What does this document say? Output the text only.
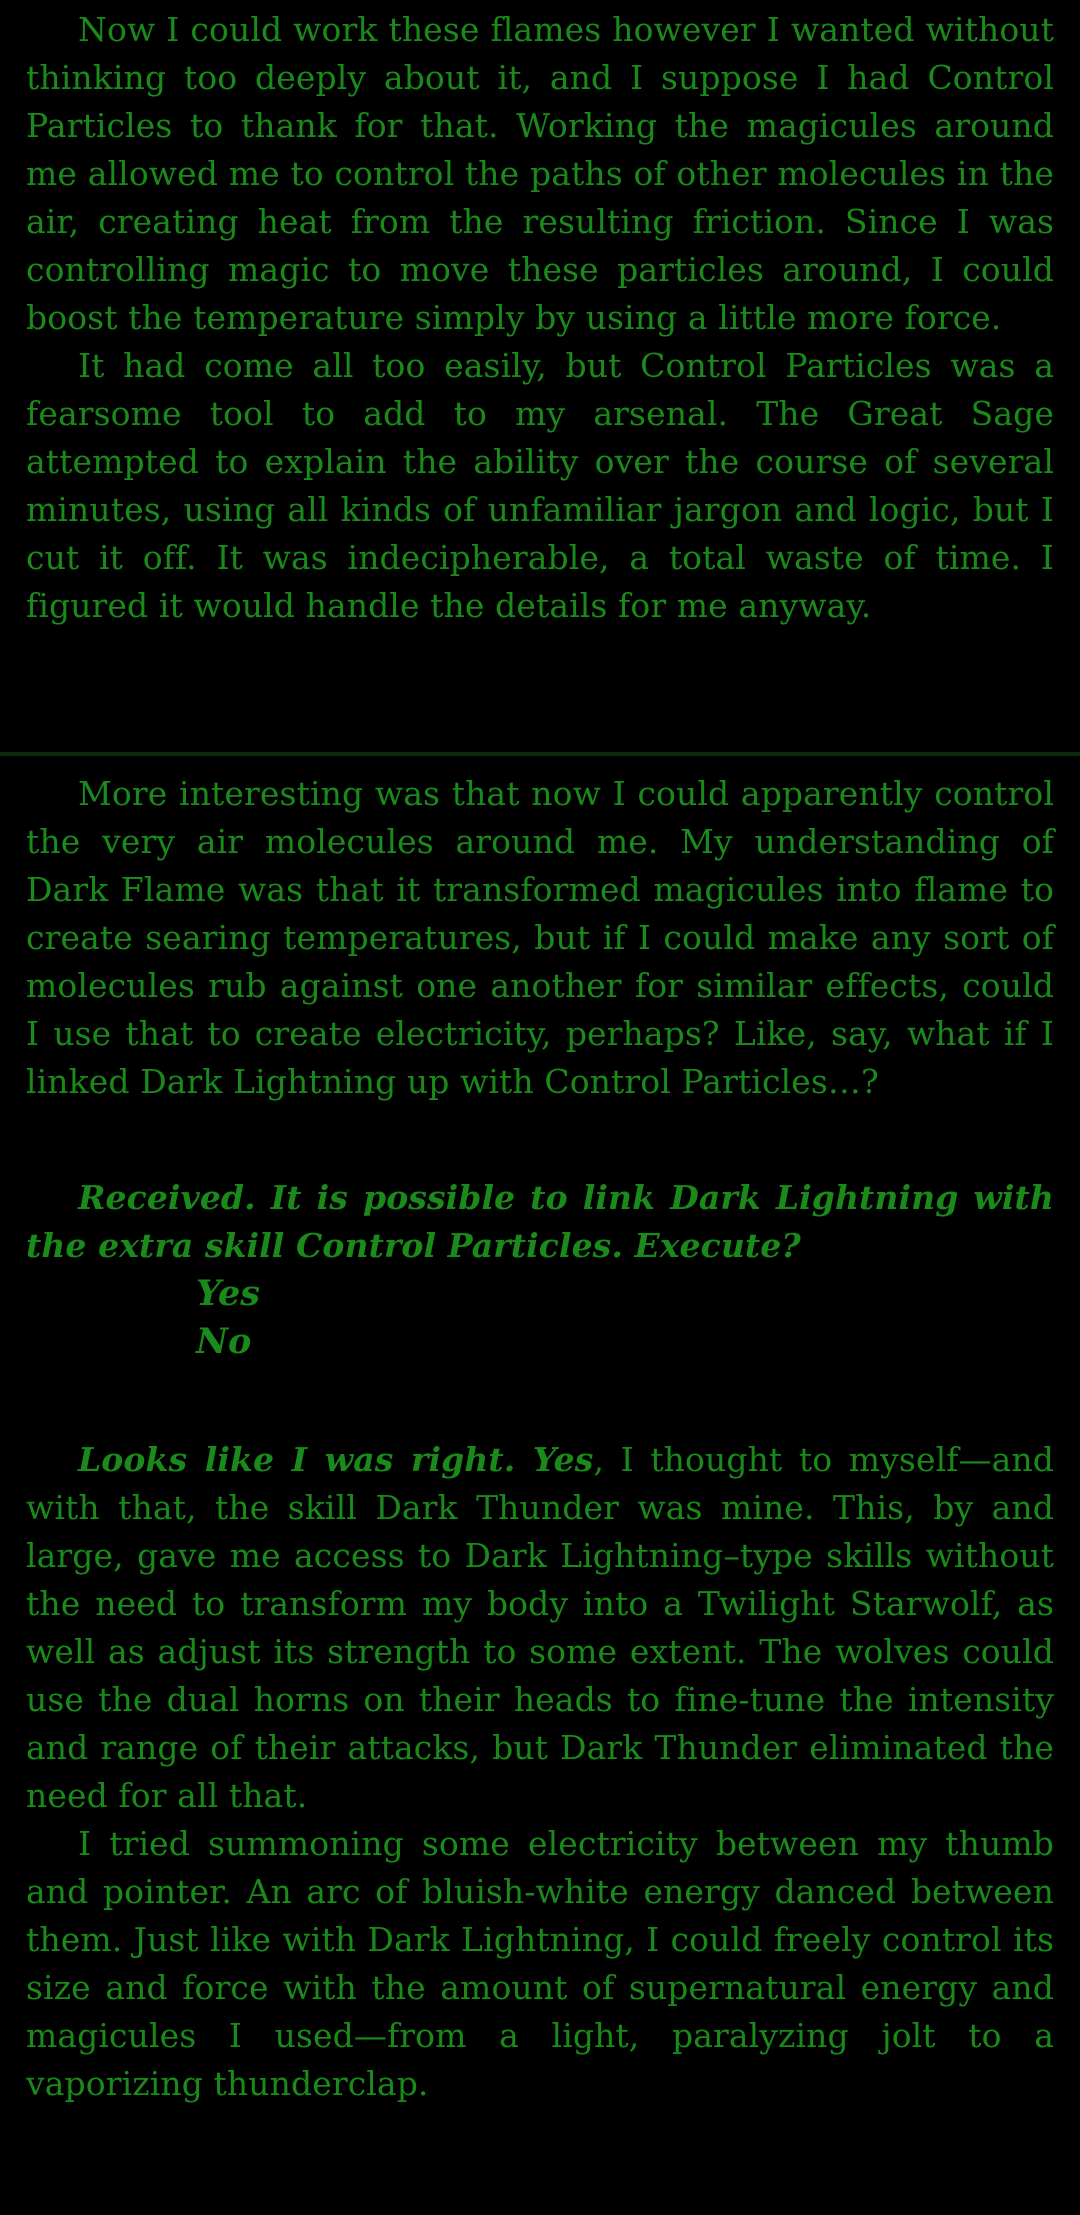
Now I could work these flames however I wanted without thinking too deeply about it, and I suppose I had Control Particles to thank for that. Working the magicules around me allowed me to control the paths of other molecules in the air, creating heat from the resulting friction. Since I was controlling magic to move these particles around, I could boost the temperature simply by using a little more force.

It had come all too easily, but Control Particles was a fearsome tool to add to my arsenal. The Great Sage attempted to explain the ability over the course of several minutes, using all kinds of unfamiliar jargon and logic, but I cut it off. It was indecipherable, a total waste of time. I figured it would handle the details for me anyway.

More interesting was that now I could apparently control the very air molecules around me. My understanding of Dark Flame was that it transformed magicules into flame to create searing temperatures, but if I could make any sort of molecules rub against one another for similar effects, could I use that to create electricity, perhaps? Like, say, what if I linked Dark Lightning up with Control Particles…?

Received. It is possible to link Dark Lightning with the extra skill Control Particles. Execute?

Yes
No

Looks like I was right. Yes, I thought to myself—and with that, the skill Dark Thunder was mine. This, by and large, gave me access to Dark Lightning–type skills without the need to transform my body into a Twilight Starwolf, as well as adjust its strength to some extent. The wolves could use the dual horns on their heads to fine-tune the intensity and range of their attacks, but Dark Thunder eliminated the need for all that.

I tried summoning some electricity between my thumb and pointer. An arc of bluish-white energy danced between them. Just like with Dark Lightning, I could freely control its size and force with the amount of supernatural energy and magicules I used—from a light, paralyzing jolt to a vaporizing thunderclap.
